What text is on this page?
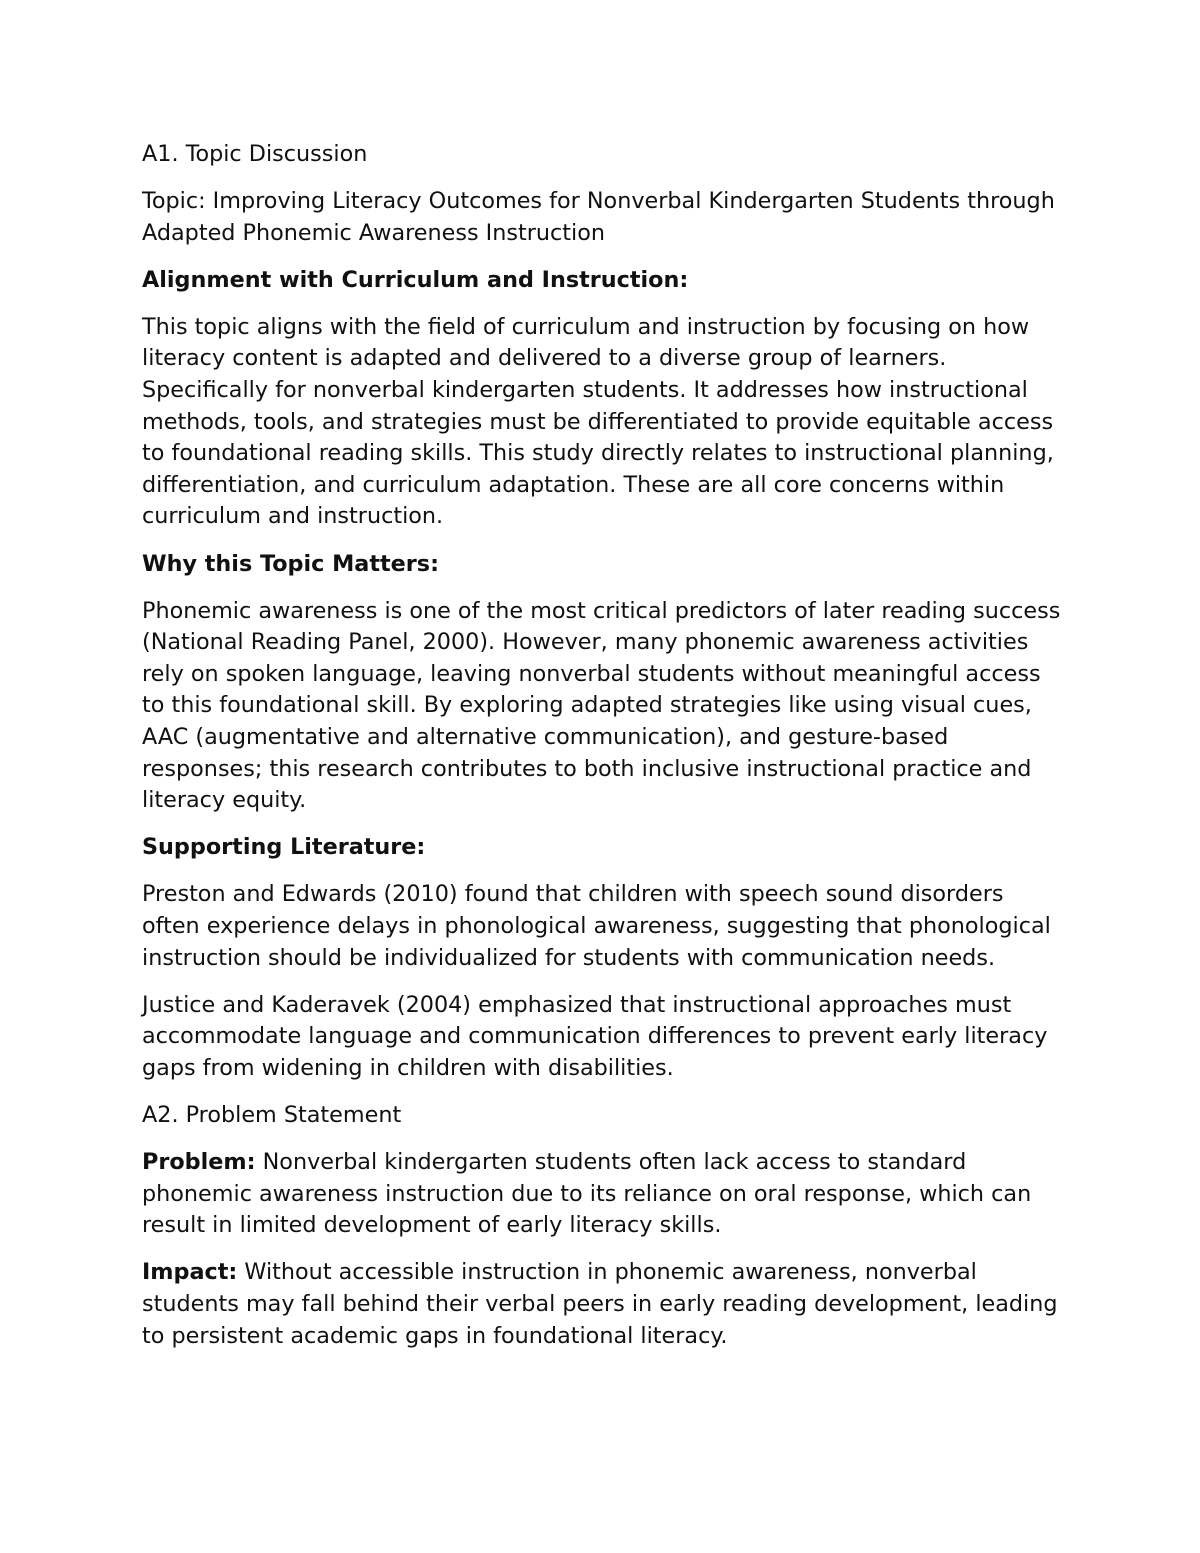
A1. Topic Discussion

Topic: Improving Literacy Outcomes for Nonverbal Kindergarten Students through Adapted Phonemic Awareness Instruction

Alignment with Curriculum and Instruction:

This topic aligns with the field of curriculum and instruction by focusing on how literacy content is adapted and delivered to a diverse group of learners. Specifically for nonverbal kindergarten students. It addresses how instructional methods, tools, and strategies must be differentiated to provide equitable access to foundational reading skills. This study directly relates to instructional planning, differentiation, and curriculum adaptation. These are all core concerns within curriculum and instruction.

Why this Topic Matters:

Phonemic awareness is one of the most critical predictors of later reading success (National Reading Panel, 2000). However, many phonemic awareness activities rely on spoken language, leaving nonverbal students without meaningful access to this foundational skill. By exploring adapted strategies like using visual cues, AAC (augmentative and alternative communication), and gesture-based responses; this research contributes to both inclusive instructional practice and literacy equity.

Supporting Literature:

Preston and Edwards (2010) found that children with speech sound disorders often experience delays in phonological awareness, suggesting that phonological instruction should be individualized for students with communication needs.

Justice and Kaderavek (2004) emphasized that instructional approaches must accommodate language and communication differences to prevent early literacy gaps from widening in children with disabilities.

A2. Problem Statement

Problem: Nonverbal kindergarten students often lack access to standard phonemic awareness instruction due to its reliance on oral response, which can result in limited development of early literacy skills.

Impact: Without accessible instruction in phonemic awareness, nonverbal students may fall behind their verbal peers in early reading development, leading to persistent academic gaps in foundational literacy.
